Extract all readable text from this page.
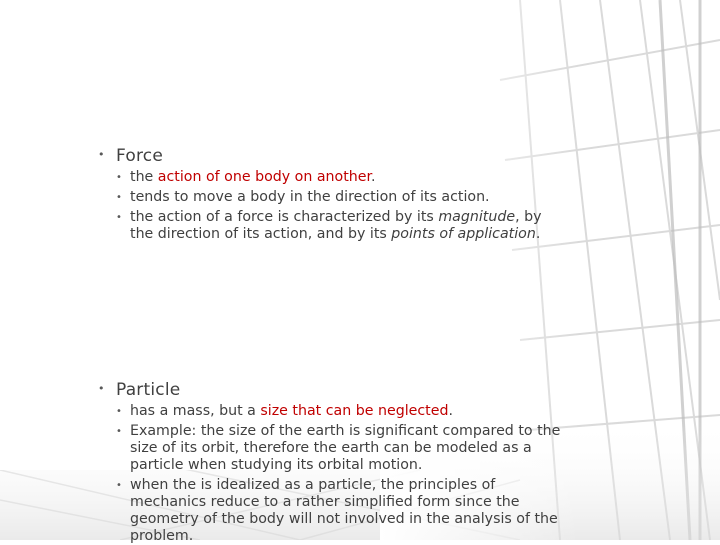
• Force
• the action of one body on another.
• tends to move a body in the direction of its action.
• the action of a force is characterized by its magnitude, by the direction of its action, and by its points of application.
• Particle
• has a mass, but a size that can be neglected.
• Example: the size of the earth is significant compared to the size of its orbit, therefore the earth can be modeled as a particle when studying its orbital motion.
• when the is idealized as a particle, the principles of mechanics reduce to a rather simplified form since the geometry of the body will not involved in the analysis of the problem.
